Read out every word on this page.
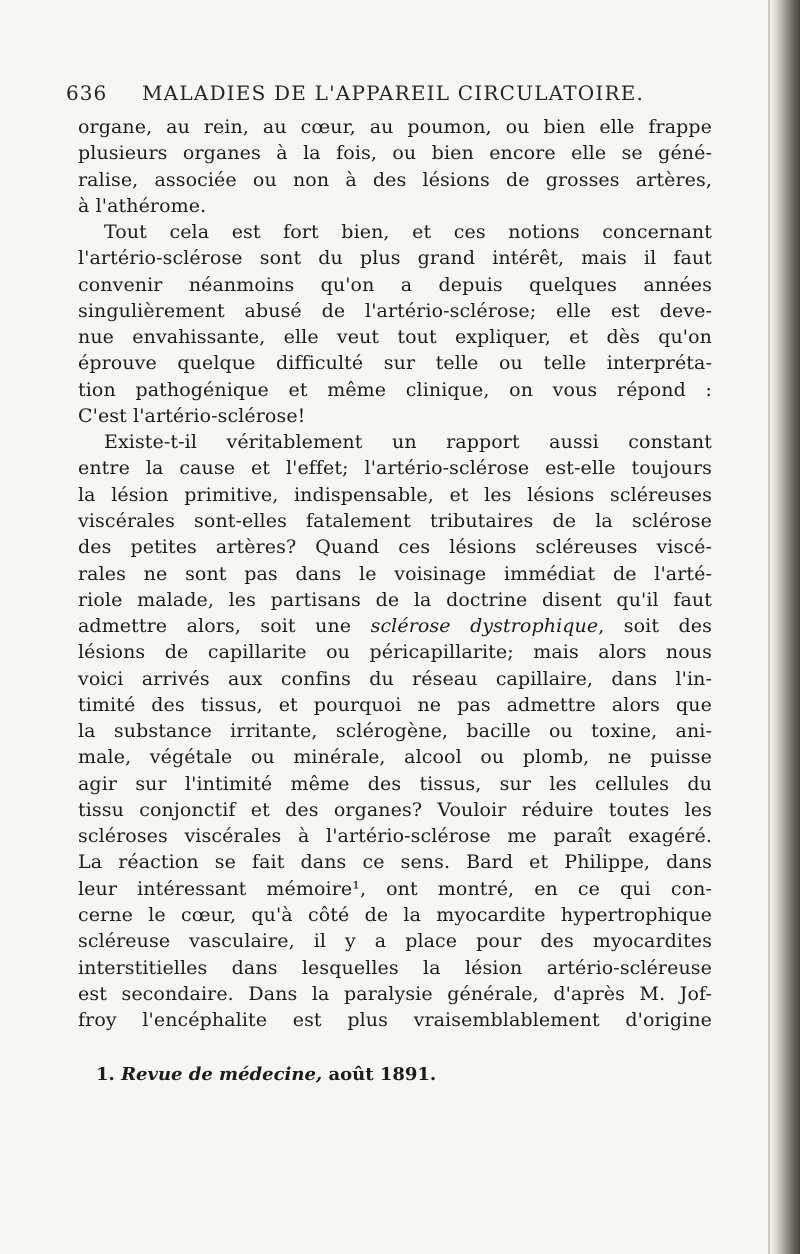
636 MALADIES DE L'APPAREIL CIRCULATOIRE.
organe, au rein, au cœur, au poumon, ou bien elle frappe
plusieurs organes à la fois, ou bien encore elle se géné-
ralise, associée ou non à des lésions de grosses artères,
à l'athérome.
Tout cela est fort bien, et ces notions concernant
l'artério-sclérose sont du plus grand intérêt, mais il faut
convenir néanmoins qu'on a depuis quelques années
singulièrement abusé de l'artério-sclérose; elle est deve-
nue envahissante, elle veut tout expliquer, et dès qu'on
éprouve quelque difficulté sur telle ou telle interpréta-
tion pathogénique et même clinique, on vous répond :
C'est l'artério-sclérose!
Existe-t-il véritablement un rapport aussi constant
entre la cause et l'effet; l'artério-sclérose est-elle toujours
la lésion primitive, indispensable, et les lésions scléreuses
viscérales sont-elles fatalement tributaires de la sclérose
des petites artères? Quand ces lésions scléreuses viscé-
rales ne sont pas dans le voisinage immédiat de l'arté-
riole malade, les partisans de la doctrine disent qu'il faut
admettre alors, soit une sclérose dystrophique, soit des
lésions de capillarite ou péricapillarite; mais alors nous
voici arrivés aux confins du réseau capillaire, dans l'in-
timité des tissus, et pourquoi ne pas admettre alors que
la substance irritante, sclérogène, bacille ou toxine, ani-
male, végétale ou minérale, alcool ou plomb, ne puisse
agir sur l'intimité même des tissus, sur les cellules du
tissu conjonctif et des organes? Vouloir réduire toutes les
scléroses viscérales à l'artério-sclérose me paraît exagéré.
La réaction se fait dans ce sens. Bard et Philippe, dans
leur intéressant mémoire¹, ont montré, en ce qui con-
cerne le cœur, qu'à côté de la myocardite hypertrophique
scléreuse vasculaire, il y a place pour des myocardites
interstitielles dans lesquelles la lésion artério-scléreuse
est secondaire. Dans la paralysie générale, d'après M. Jof-
froy l'encéphalite est plus vraisemblablement d'origine
1. Revue de médecine, août 1891.
